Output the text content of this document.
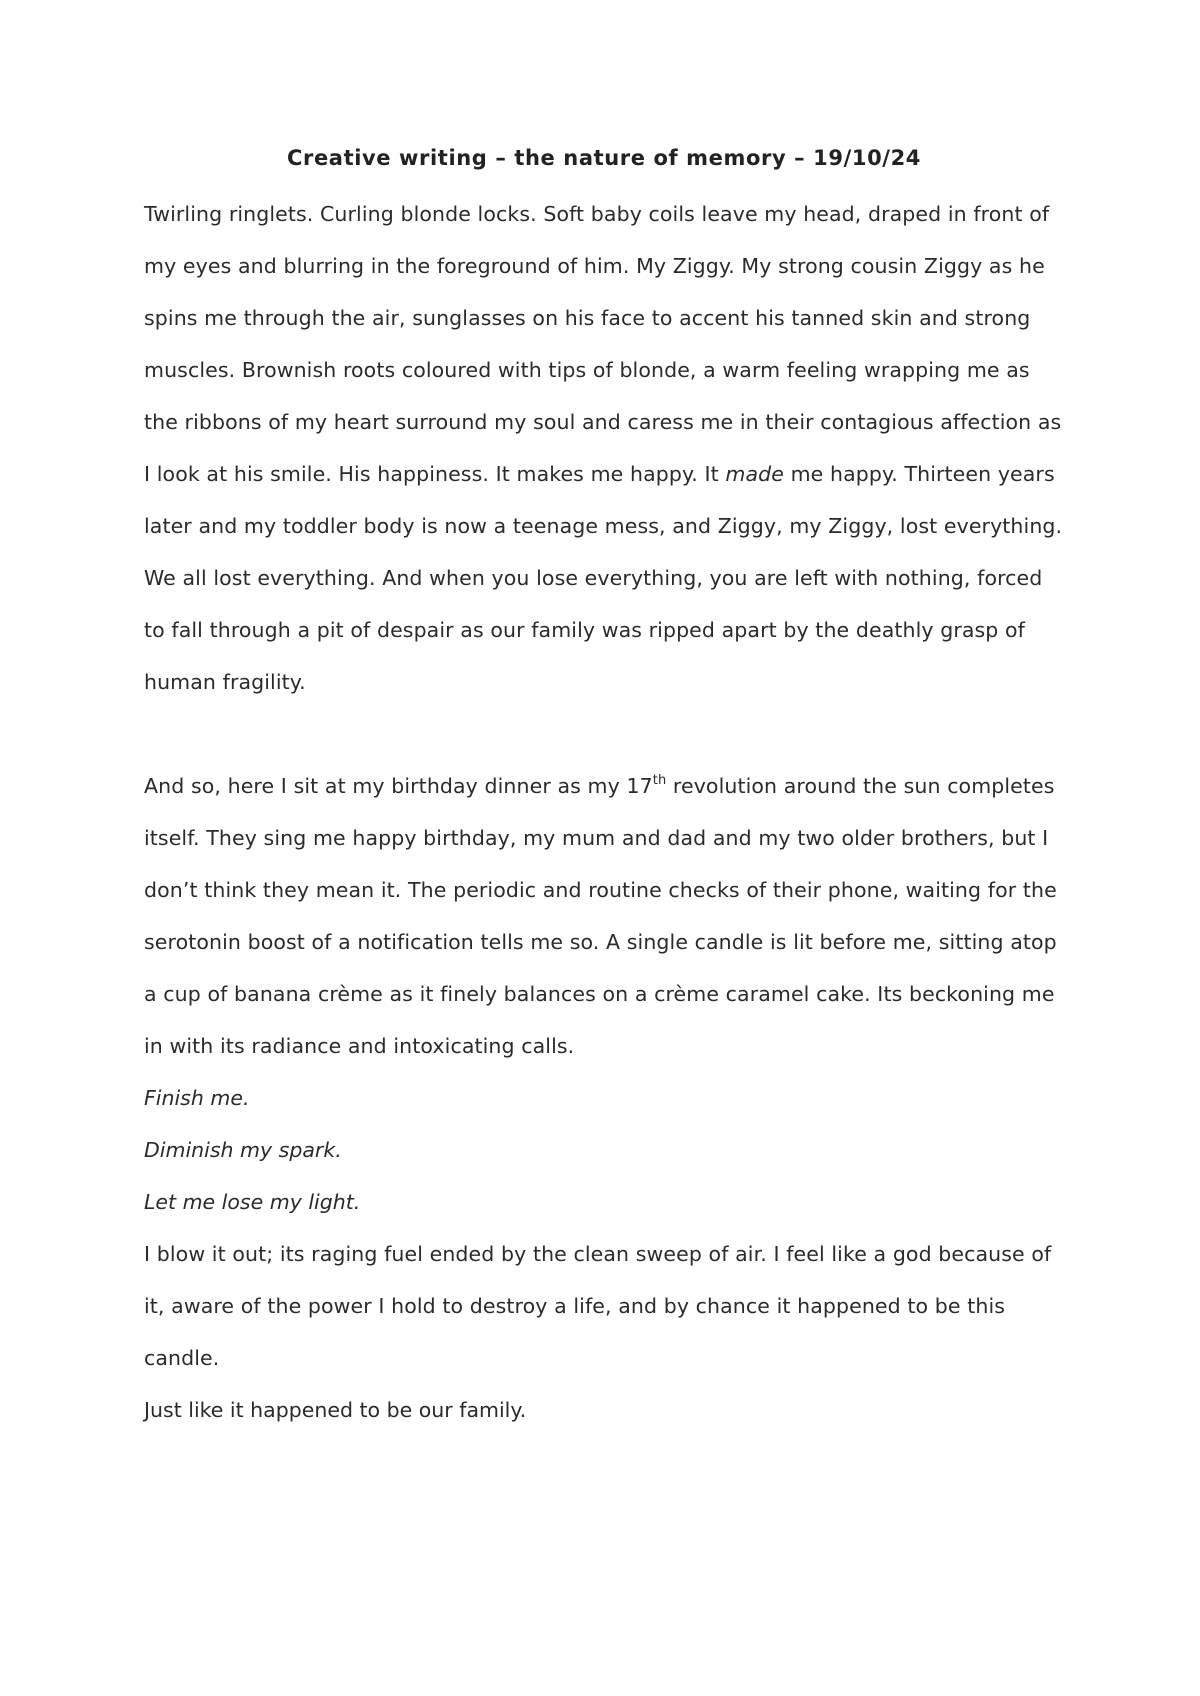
Creative writing – the nature of memory – 19/10/24

Twirling ringlets. Curling blonde locks. Soft baby coils leave my head, draped in front of my eyes and blurring in the foreground of him. My Ziggy. My strong cousin Ziggy as he spins me through the air, sunglasses on his face to accent his tanned skin and strong muscles. Brownish roots coloured with tips of blonde, a warm feeling wrapping me as the ribbons of my heart surround my soul and caress me in their contagious affection as I look at his smile. His happiness. It makes me happy. It made me happy. Thirteen years later and my toddler body is now a teenage mess, and Ziggy, my Ziggy, lost everything. We all lost everything. And when you lose everything, you are left with nothing, forced to fall through a pit of despair as our family was ripped apart by the deathly grasp of human fragility.

And so, here I sit at my birthday dinner as my 17th revolution around the sun completes itself. They sing me happy birthday, my mum and dad and my two older brothers, but I don’t think they mean it. The periodic and routine checks of their phone, waiting for the serotonin boost of a notification tells me so. A single candle is lit before me, sitting atop a cup of banana crème as it finely balances on a crème caramel cake. Its beckoning me in with its radiance and intoxicating calls.

Finish me.
Diminish my spark.
Let me lose my light.

I blow it out; its raging fuel ended by the clean sweep of air. I feel like a god because of it, aware of the power I hold to destroy a life, and by chance it happened to be this candle.

Just like it happened to be our family.
